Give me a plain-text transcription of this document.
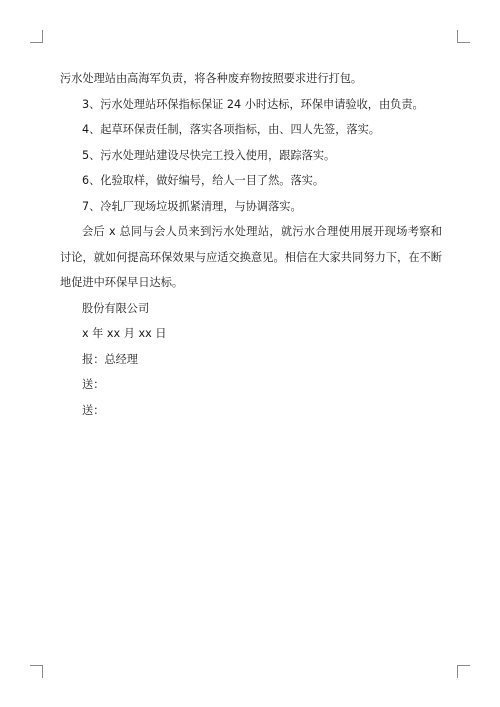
污水处理站由高海军负责，将各种废弃物按照要求进行打包。
3、污水处理站环保指标保证 24 小时达标，环保申请验收，由负责。
4、起草环保责任制，落实各项指标，由、四人先签，落实。
5、污水处理站建设尽快完工投入使用，跟踪落实。
6、化验取样，做好编号，给人一目了然。落实。
7、冷轧厂现场垃圾抓紧清理，与协调落实。
会后 x 总同与会人员来到污水处理站，就污水合理使用展开现场考察和讨论，就如何提高环保效果与应适交换意见。相信在大家共同努力下，在不断地促进中环保早日达标。
股份有限公司
x 年 xx 月 xx 日
报：总经理
送：
送：
